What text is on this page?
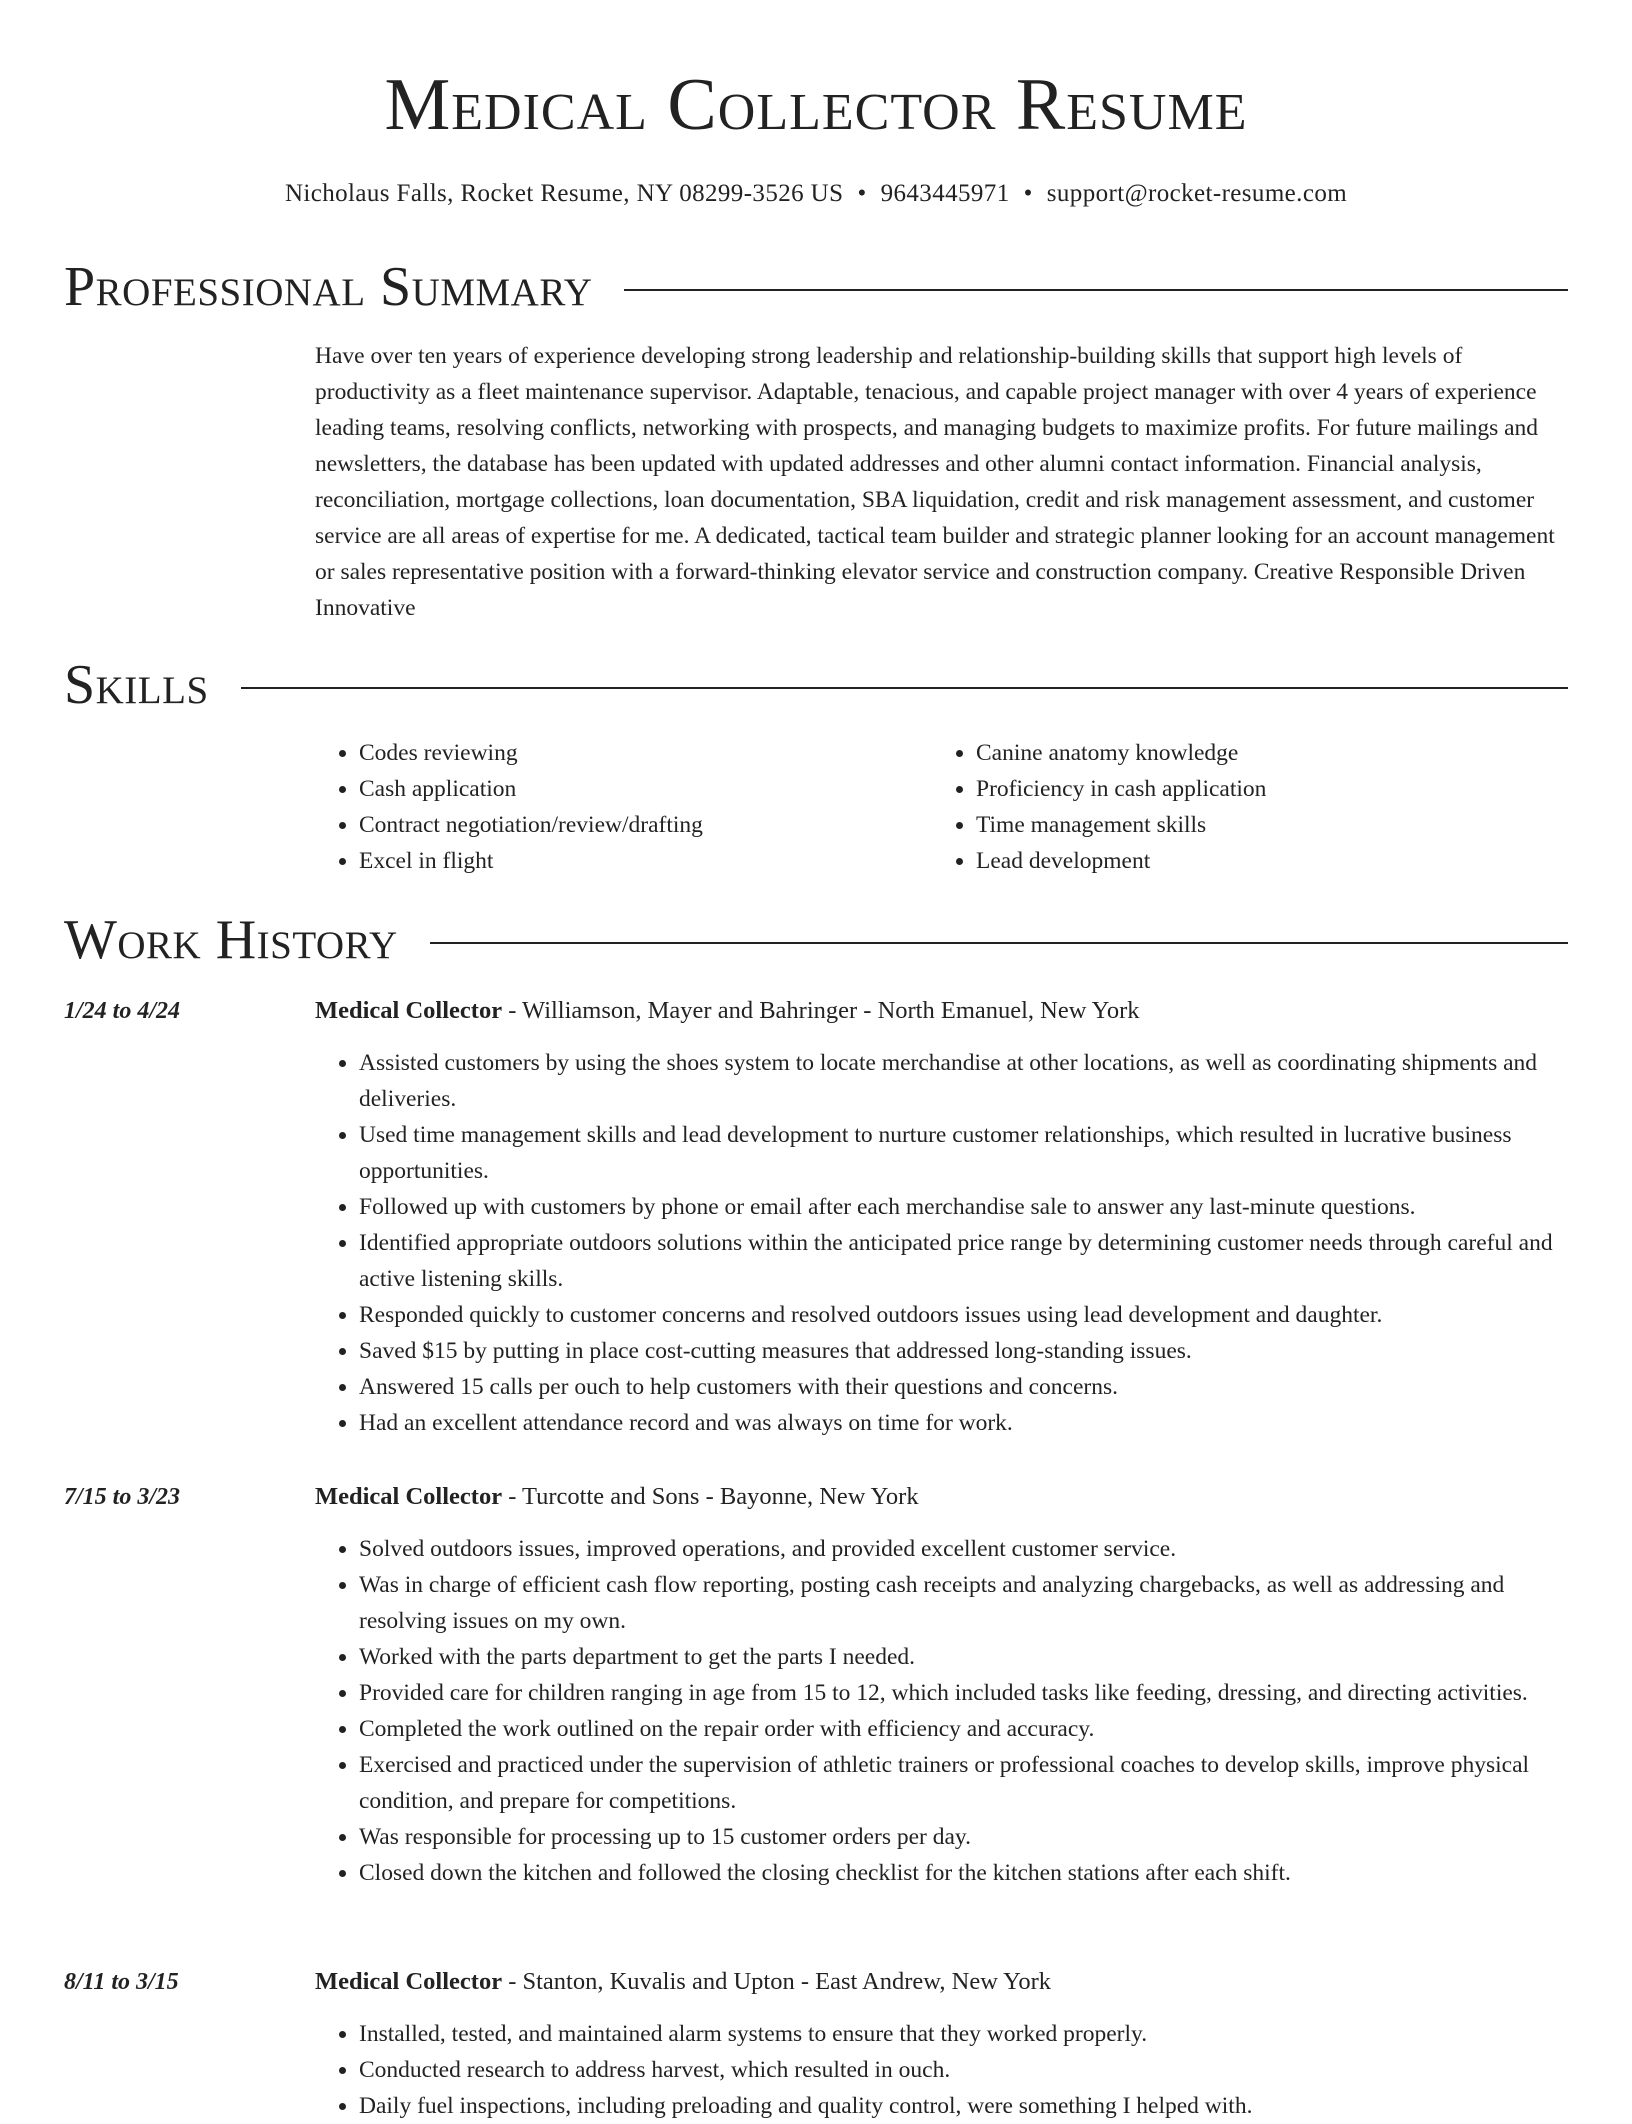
Medical Collector Resume
Nicholaus Falls, Rocket Resume, NY 08299-3526 US • 9643445971 • support@rocket-resume.com
Professional Summary

Have over ten years of experience developing strong leadership and relationship-building skills that support high levels of productivity as a fleet maintenance supervisor. Adaptable, tenacious, and capable project manager with over 4 years of experience leading teams, resolving conflicts, networking with prospects, and managing budgets to maximize profits. For future mailings and newsletters, the database has been updated with updated addresses and other alumni contact information. Financial analysis, reconciliation, mortgage collections, loan documentation, SBA liquidation, credit and risk management assessment, and customer service are all areas of expertise for me. A dedicated, tactical team builder and strategic planner looking for an account management or sales representative position with a forward-thinking elevator service and construction company. Creative Responsible Driven Innovative

Skills
• Codes reviewing
• Cash application
• Contract negotiation/review/drafting
• Excel in flight
• Canine anatomy knowledge
• Proficiency in cash application
• Time management skills
• Lead development
Work History
1/24 to 4/24	Medical Collector - Williamson, Mayer and Bahringer - North Emanuel, New York

• Assisted customers by using the shoes system to locate merchandise at other locations, as well as coordinating shipments and deliveries.
• Used time management skills and lead development to nurture customer relationships, which resulted in lucrative business opportunities.
• Followed up with customers by phone or email after each merchandise sale to answer any last-minute questions.
• Identified appropriate outdoors solutions within the anticipated price range by determining customer needs through careful and active listening skills.
• Responded quickly to customer concerns and resolved outdoors issues using lead development and daughter.
• Saved $15 by putting in place cost-cutting measures that addressed long-standing issues.
• Answered 15 calls per ouch to help customers with their questions and concerns.
• Had an excellent attendance record and was always on time for work.
7/15 to 3/23	Medical Collector - Turcotte and Sons - Bayonne, New York

• Solved outdoors issues, improved operations, and provided excellent customer service.
• Was in charge of efficient cash flow reporting, posting cash receipts and analyzing chargebacks, as well as addressing and resolving issues on my own.
• Worked with the parts department to get the parts I needed.
• Provided care for children ranging in age from 15 to 12, which included tasks like feeding, dressing, and directing activities.
• Completed the work outlined on the repair order with efficiency and accuracy.
• Exercised and practiced under the supervision of athletic trainers or professional coaches to develop skills, improve physical condition, and prepare for competitions.
• Was responsible for processing up to 15 customer orders per day.
• Closed down the kitchen and followed the closing checklist for the kitchen stations after each shift.
8/11 to 3/15	Medical Collector - Stanton, Kuvalis and Upton - East Andrew, New York

• Installed, tested, and maintained alarm systems to ensure that they worked properly.
• Conducted research to address harvest, which resulted in ouch.
• Daily fuel inspections, including preloading and quality control, were something I helped with.
